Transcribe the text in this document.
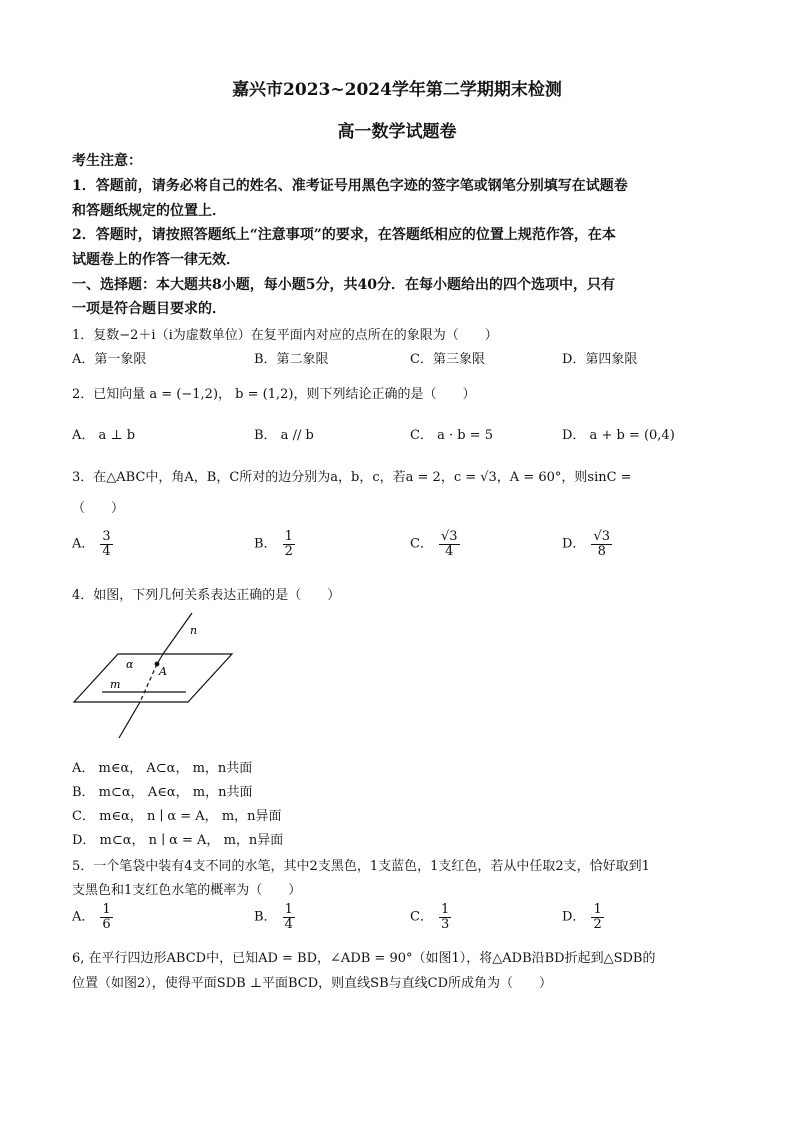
嘉兴市2023~2024学年第二学期期末检测
高一数学试题卷
考生注意：
1．答题前，请务必将自己的姓名、准考证号用黑色字迹的签字笔或钢笔分别填写在试题卷
和答题纸规定的位置上．
2．答题时，请按照答题纸上“注意事项”的要求，在答题纸相应的位置上规范作答，在本
试题卷上的作答一律无效．
一、选择题：本大题共8小题，每小题5分，共40分．在每小题给出的四个选项中，只有
一项是符合题目要求的．
1．复数−2＋i（i为虚数单位）在复平面内对应的点所在的象限为（　　）
A．第一象限	B．第二象限	C．第三象限	D．第四象限
2．已知向量 a = (−1,2)， b = (1,2)，则下列结论正确的是（　　）
A． a ⊥ b	B． a // b	C． a · b = 5	D． a + b = (0,4)
3．在△ABC中，角A，B，C所对的边分别为a，b，c，若a = 2，c = √3，A = 60°，则sinC =
（　　）
A． $\frac{3}{4}$	B． $\frac{1}{2}$	C． $\frac{√3}{4}$	D． $\frac{√3}{8}$
4．如图，下列几何关系表达正确的是（　　）
n
α
A
m
A． m∈α， A⊂α， m，n共面
B． m⊂α， A∈α， m，n共面
C． m∈α， n ∣ α = A， m，n异面
D． m⊂α， n ∣ α = A， m，n异面
5．一个笔袋中装有4支不同的水笔，其中2支黑色，1支蓝色，1支红色，若从中任取2支，恰好取到1
支黑色和1支红色水笔的概率为（　　）
A． $\frac{1}{6}$	B． $\frac{1}{4}$	C． $\frac{1}{3}$	D． $\frac{1}{2}$
6, 在平行四边形ABCD中，已知AD = BD，∠ADB = 90°（如图1），将△ADB沿BD折起到△SDB的
位置（如图2），使得平面SDB ⊥平面BCD，则直线SB与直线CD所成角为（　　）
